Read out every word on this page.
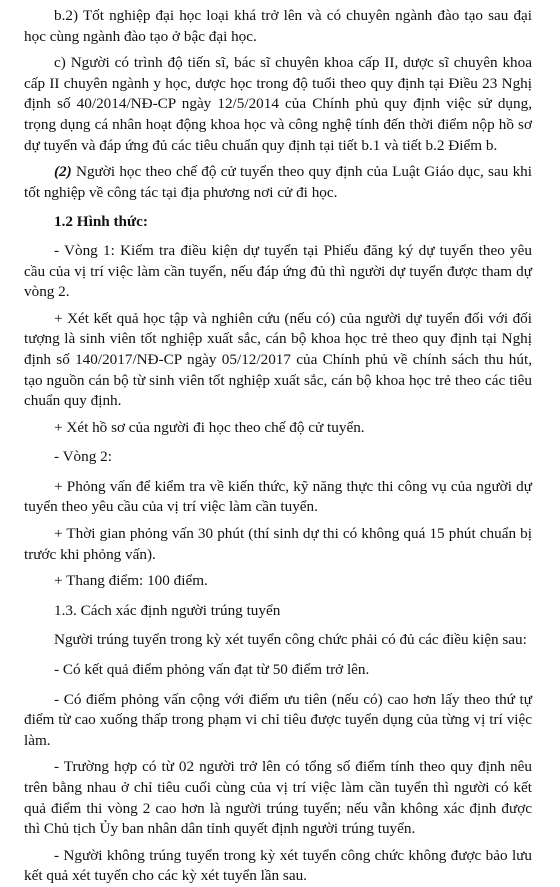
b.2) Tốt nghiệp đại học loại khá trở lên và có chuyên ngành đào tạo sau đại học cùng ngành đào tạo ở bậc đại học.

c) Người có trình độ tiến sĩ, bác sĩ chuyên khoa cấp II, dược sĩ chuyên khoa cấp II chuyên ngành y học, dược học trong độ tuổi theo quy định tại Điều 23 Nghị định số 40/2014/NĐ-CP ngày 12/5/2014 của Chính phủ quy định việc sử dụng, trọng dụng cá nhân hoạt động khoa học và công nghệ tính đến thời điểm nộp hồ sơ dự tuyển và đáp ứng đủ các tiêu chuẩn quy định tại tiết b.1 và tiết b.2 Điểm b.

(2) Người học theo chế độ cử tuyển theo quy định của Luật Giáo dục, sau khi tốt nghiệp về công tác tại địa phương nơi cử đi học.

1.2 Hình thức:

- Vòng 1: Kiểm tra điều kiện dự tuyển tại Phiếu đăng ký dự tuyển theo yêu cầu của vị trí việc làm cần tuyển, nếu đáp ứng đủ thì người dự tuyển được tham dự vòng 2.

+ Xét kết quả học tập và nghiên cứu (nếu có) của người dự tuyển đối với đối tượng là sinh viên tốt nghiệp xuất sắc, cán bộ khoa học trẻ theo quy định tại Nghị định số 140/2017/NĐ-CP ngày 05/12/2017 của Chính phủ về chính sách thu hút, tạo nguồn cán bộ từ sinh viên tốt nghiệp xuất sắc, cán bộ khoa học trẻ theo các tiêu chuẩn quy định.

+ Xét hồ sơ của người đi học theo chế độ cử tuyển.

- Vòng 2:

+ Phỏng vấn để kiểm tra về kiến thức, kỹ năng thực thi công vụ của người dự tuyển theo yêu cầu của vị trí việc làm cần tuyển.

+ Thời gian phỏng vấn 30 phút (thí sinh dự thi có không quá 15 phút chuẩn bị trước khi phỏng vấn).

+ Thang điểm: 100 điểm.

1.3. Cách xác định người trúng tuyển

Người trúng tuyển trong kỳ xét tuyển công chức phải có đủ các điều kiện sau:

- Có kết quả điểm phỏng vấn đạt từ 50 điểm trở lên.

- Có điểm phỏng vấn cộng với điểm ưu tiên (nếu có) cao hơn lấy theo thứ tự điểm từ cao xuống thấp trong phạm vi chỉ tiêu được tuyển dụng của từng vị trí việc làm.

- Trường hợp có từ 02 người trở lên có tổng số điểm tính theo quy định nêu trên bằng nhau ở chỉ tiêu cuối cùng của vị trí việc làm cần tuyển thì người có kết quả điểm thi vòng 2 cao hơn là người trúng tuyển; nếu vẫn không xác định được thì Chủ tịch Ủy ban nhân dân tỉnh quyết định người trúng tuyển.

- Người không trúng tuyển trong kỳ xét tuyển công chức không được bảo lưu kết quả xét tuyển cho các kỳ xét tuyển lần sau.
